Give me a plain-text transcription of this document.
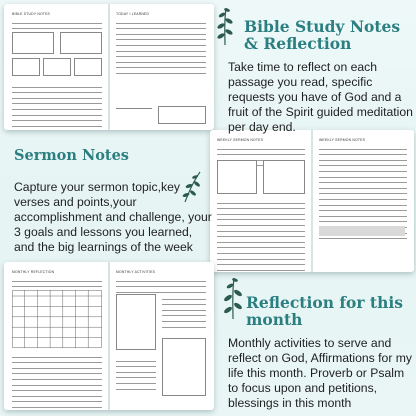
BIBLE STUDY NOTES	TODAY I LEARNED
WEEKLY SERMON NOTES	WEEKLY SERMON NOTES
MONTHLY REFLECTION	MONTHLY ACTIVITIES
Bible Study Notes
& Reflection
Take time to reflect on each passage you read, specific requests you have of God and a fruit of the Spirit guided meditation per day end.
Sermon Notes
Capture your sermon topic,key verses and points,your accomplishment and challenge, your 3 goals and lessons you learned, and the big learnings of the week
Reflection for this
month
Monthly activities to serve and reflect on God, Affirmations for my life this month. Proverb or Psalm to focus upon and petitions, blessings in this month
